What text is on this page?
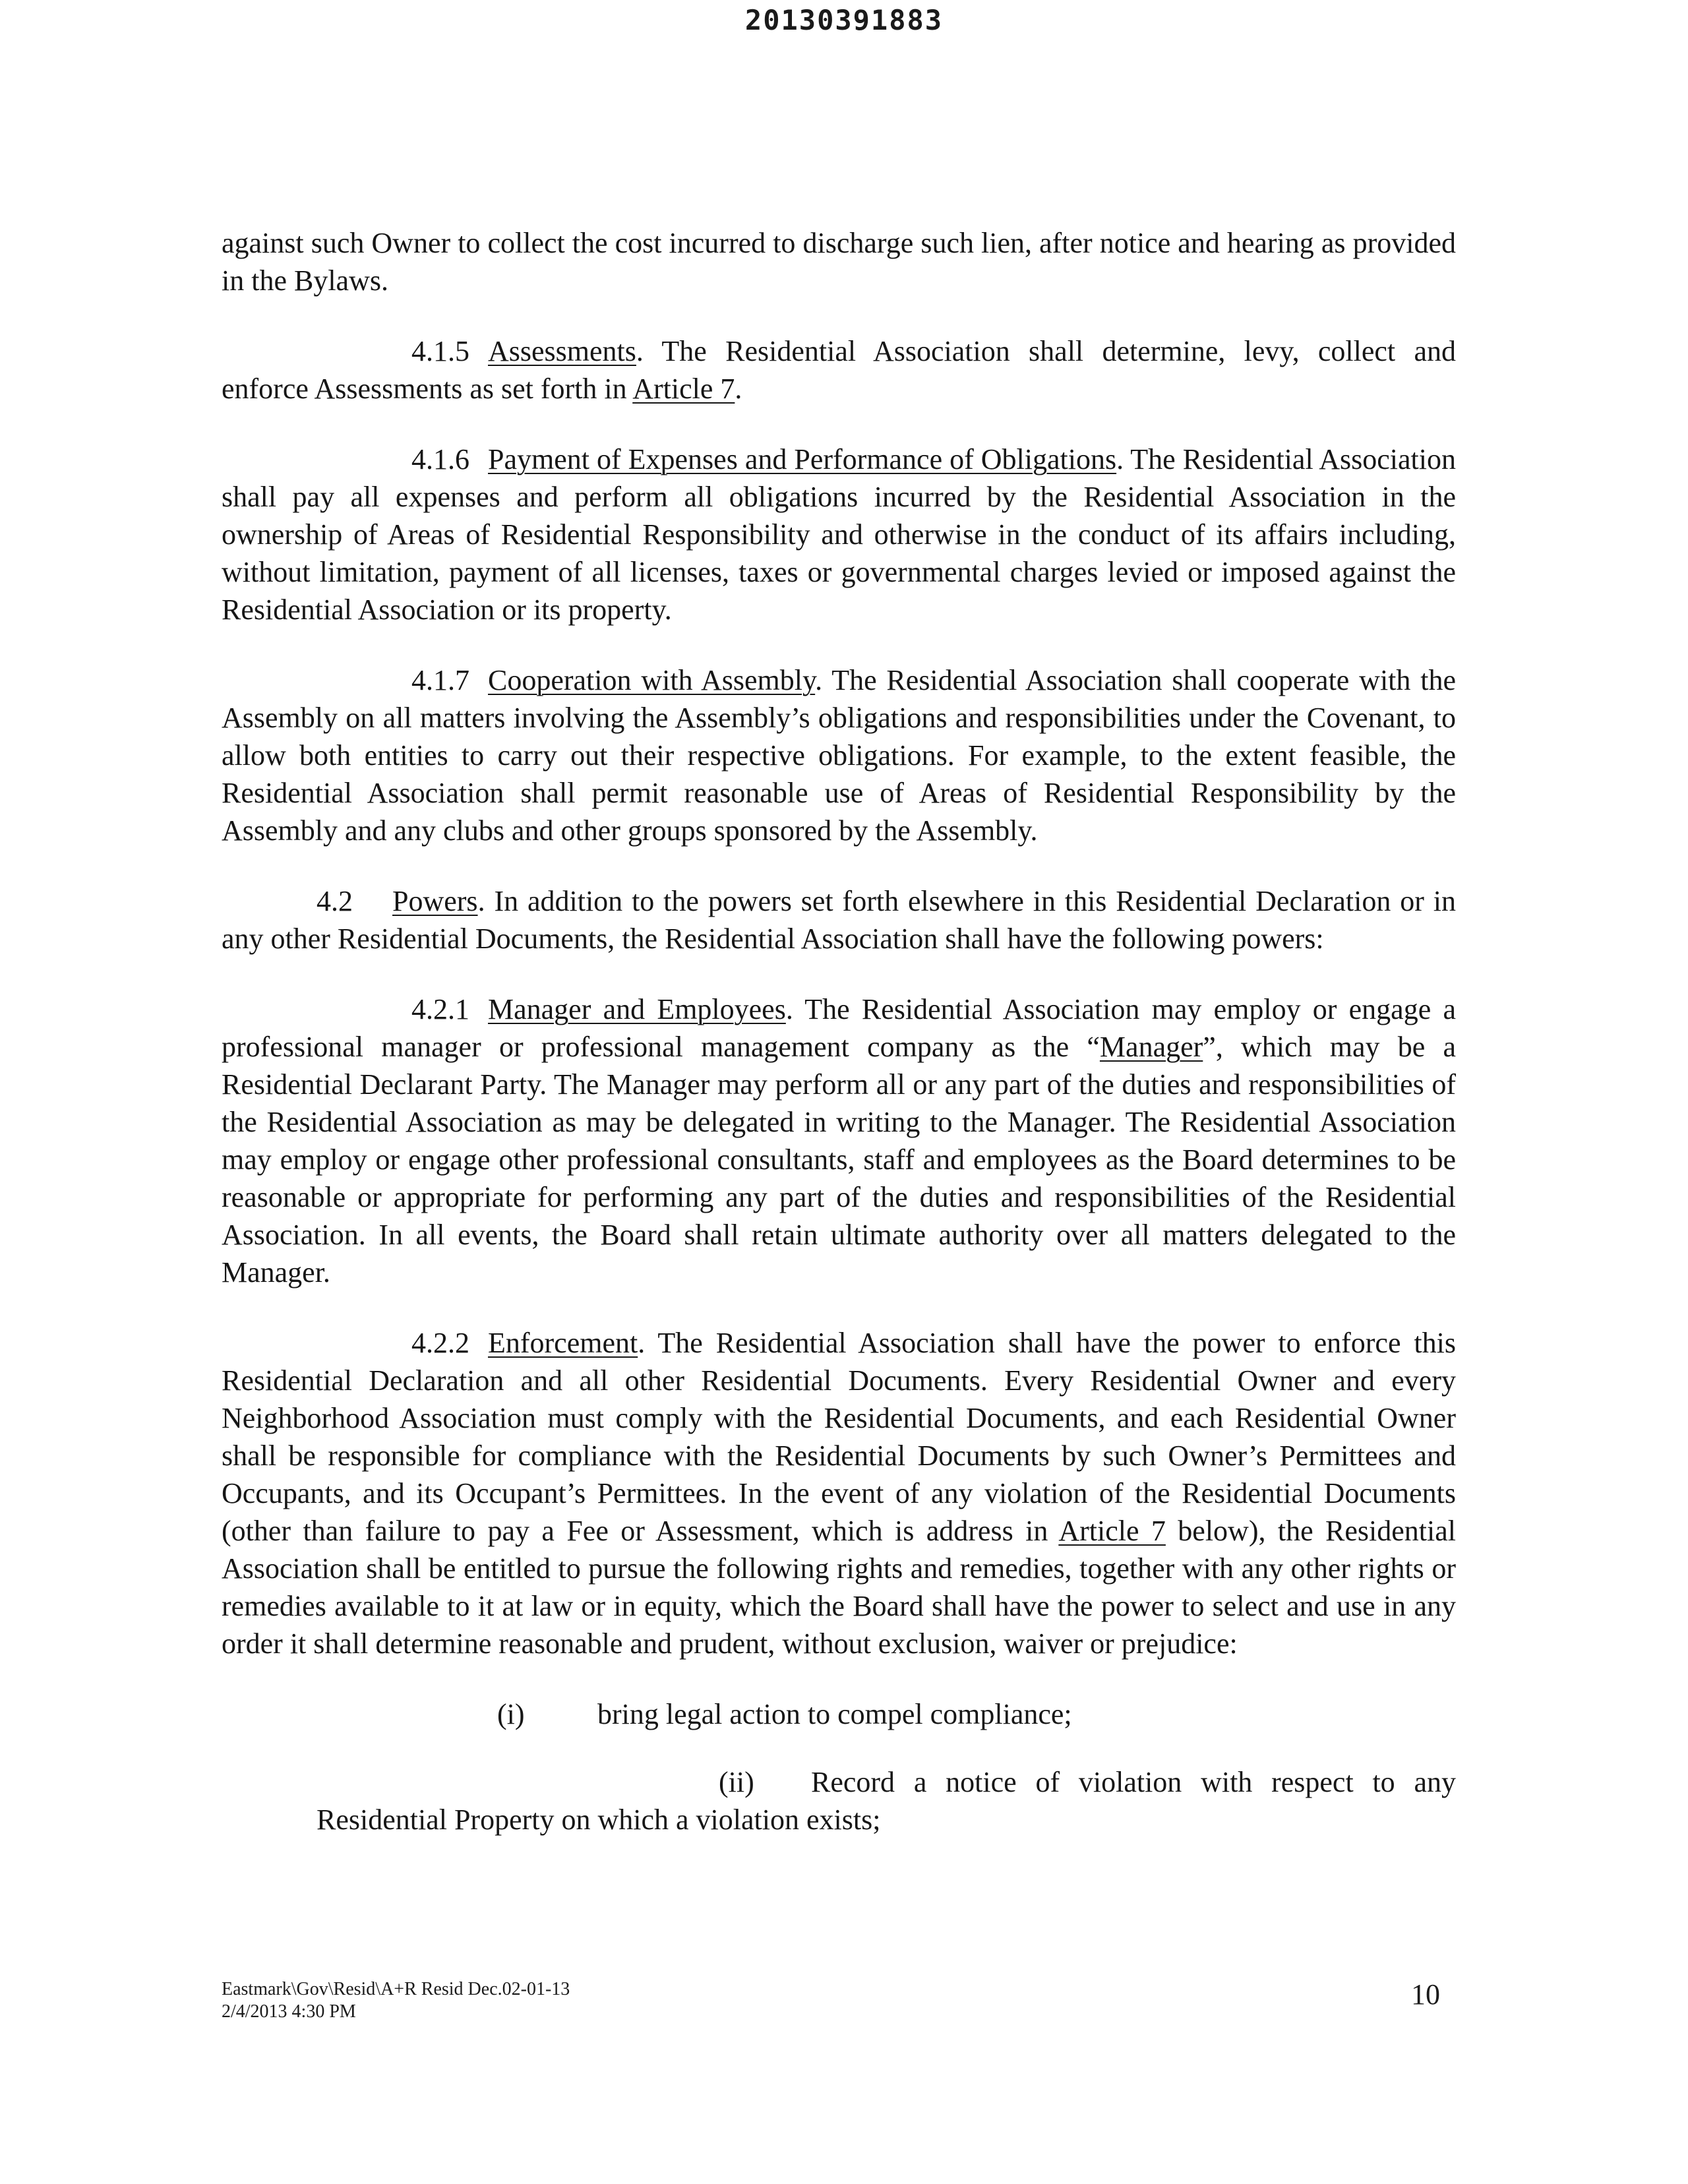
20130391883

against such Owner to collect the cost incurred to discharge such lien, after notice and hearing as provided in the Bylaws.

4.1.5 Assessments. The Residential Association shall determine, levy, collect and enforce Assessments as set forth in Article 7.

4.1.6 Payment of Expenses and Performance of Obligations. The Residential Association shall pay all expenses and perform all obligations incurred by the Residential Association in the ownership of Areas of Residential Responsibility and otherwise in the conduct of its affairs including, without limitation, payment of all licenses, taxes or governmental charges levied or imposed against the Residential Association or its property.

4.1.7 Cooperation with Assembly. The Residential Association shall cooperate with the Assembly on all matters involving the Assembly’s obligations and responsibilities under the Covenant, to allow both entities to carry out their respective obligations. For example, to the extent feasible, the Residential Association shall permit reasonable use of Areas of Residential Responsibility by the Assembly and any clubs and other groups sponsored by the Assembly.

4.2 Powers. In addition to the powers set forth elsewhere in this Residential Declaration or in any other Residential Documents, the Residential Association shall have the following powers:

4.2.1 Manager and Employees. The Residential Association may employ or engage a professional manager or professional management company as the “Manager”, which may be a Residential Declarant Party. The Manager may perform all or any part of the duties and responsibilities of the Residential Association as may be delegated in writing to the Manager. The Residential Association may employ or engage other professional consultants, staff and employees as the Board determines to be reasonable or appropriate for performing any part of the duties and responsibilities of the Residential Association. In all events, the Board shall retain ultimate authority over all matters delegated to the Manager.

4.2.2 Enforcement. The Residential Association shall have the power to enforce this Residential Declaration and all other Residential Documents. Every Residential Owner and every Neighborhood Association must comply with the Residential Documents, and each Residential Owner shall be responsible for compliance with the Residential Documents by such Owner’s Permittees and Occupants, and its Occupant’s Permittees. In the event of any violation of the Residential Documents (other than failure to pay a Fee or Assessment, which is address in Article 7 below), the Residential Association shall be entitled to pursue the following rights and remedies, together with any other rights or remedies available to it at law or in equity, which the Board shall have the power to select and use in any order it shall determine reasonable and prudent, without exclusion, waiver or prejudice:

(i)	bring legal action to compel compliance;

(ii) Record a notice of violation with respect to any Residential Property on which a violation exists;

Eastmark\Gov\Resid\A+R Resid Dec.02-01-13
2/4/2013 4:30 PM
10
